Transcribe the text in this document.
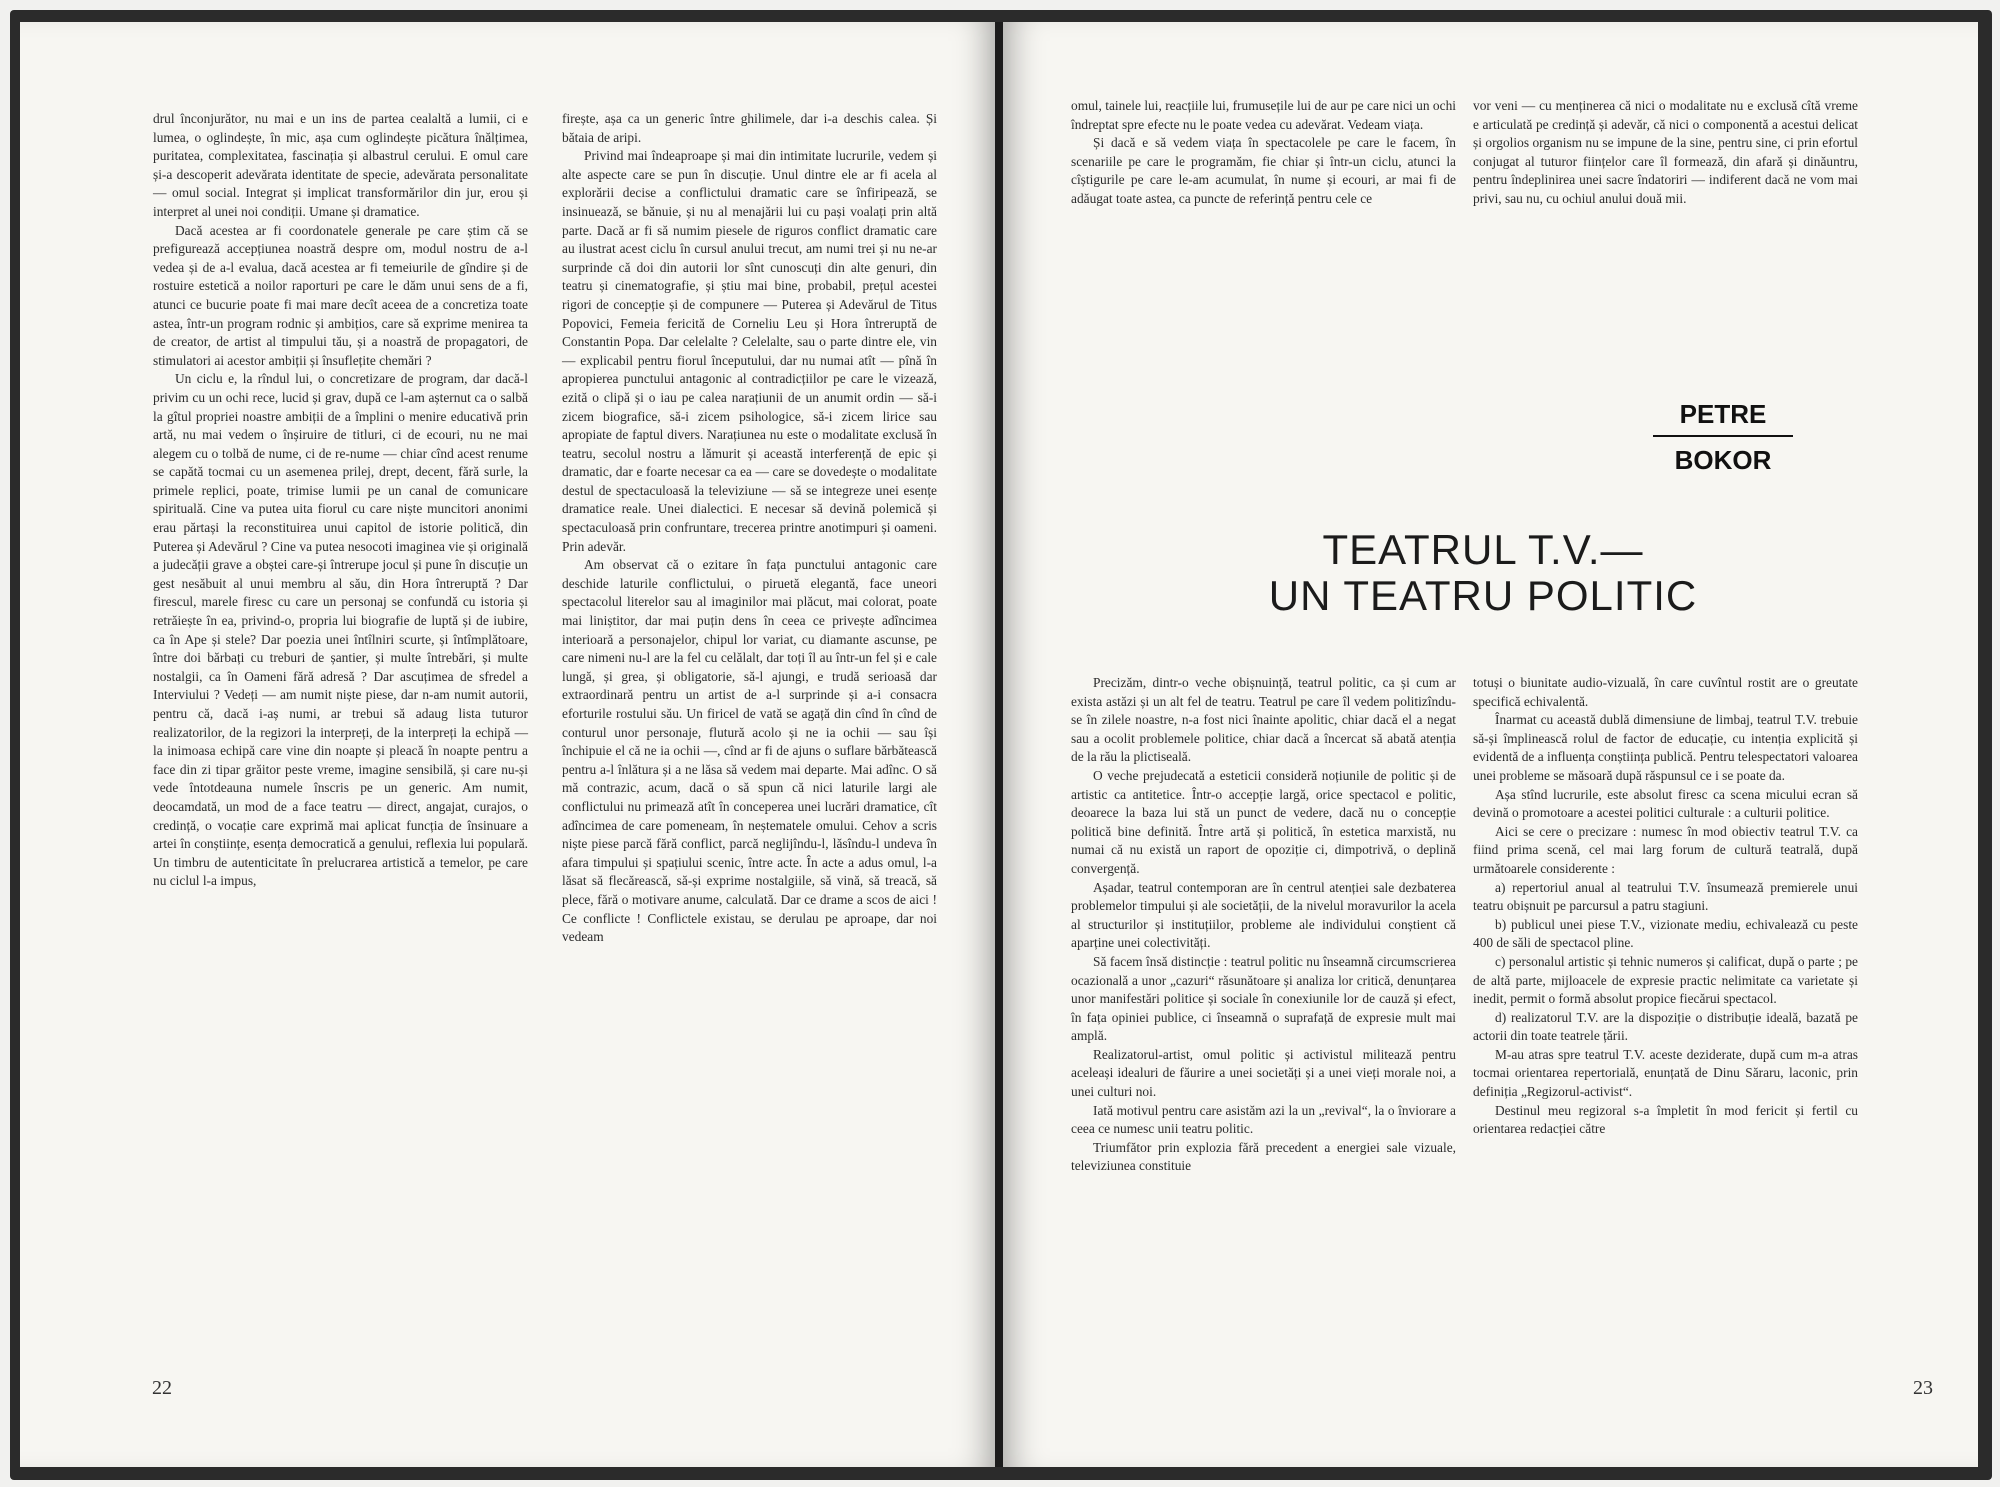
drul înconjurător, nu mai e un ins de partea cealaltă a lumii, ci e lumea, o oglindește, în mic, așa cum oglindește picătura înălțimea, puritatea, complexitatea, fascinația și albastrul cerului. E omul care și-a descoperit adevărata identitate de specie, adevărata personalitate — omul social. Integrat și implicat transformărilor din jur, erou și interpret al unei noi condiții. Umane și dramatice.

Dacă acestea ar fi coordonatele generale pe care știm că se prefigurează accepțiunea noastră despre om, modul nostru de a-l vedea și de a-l evalua, dacă acestea ar fi temeiurile de gîndire și de rostuire estetică a noilor raporturi pe care le dăm unui sens de a fi, atunci ce bucurie poate fi mai mare decît aceea de a concretiza toate astea, într-un program rodnic și ambițios, care să exprime menirea ta de creator, de artist al timpului tău, și a noastră de propagatori, de stimulatori ai acestor ambiții și însuflețite chemări ?

Un ciclu e, la rîndul lui, o concretizare de program, dar dacă-l privim cu un ochi rece, lucid și grav, după ce l-am așternut ca o salbă la gîtul propriei noastre ambiții de a împlini o menire educativă prin artă, nu mai vedem o înșiruire de titluri, ci de ecouri, nu ne mai alegem cu o tolbă de nume, ci de re-nume — chiar cînd acest renume se capătă tocmai cu un asemenea prilej, drept, decent, fără surle, la primele replici, poate, trimise lumii pe un canal de comunicare spirituală. Cine va putea uita fiorul cu care niște muncitori anonimi erau părtași la reconstituirea unui capitol de istorie politică, din Puterea și Adevărul ? Cine va putea nesocoti imaginea vie și originală a judecății grave a obștei care-și întrerupe jocul și pune în discuție un gest nesăbuit al unui membru al său, din Hora întreruptă ? Dar firescul, marele firesc cu care un personaj se confundă cu istoria și retrăiește în ea, privind-o, propria lui biografie de luptă și de iubire, ca în Ape și stele? Dar poezia unei întîlniri scurte, și întîmplătoare, între doi bărbați cu treburi de șantier, și multe întrebări, și multe nostalgii, ca în Oameni fără adresă ? Dar ascuțimea de sfredel a Interviului ? Vedeți — am numit niște piese, dar n-am numit autorii, pentru că, dacă i-aș numi, ar trebui să adaug lista tuturor realizatorilor, de la regizori la interpreți, de la interpreți la echipă — la inimoasa echipă care vine din noapte și pleacă în noapte pentru a face din zi tipar grăitor peste vreme, imagine sensibilă, și care nu-și vede întotdeauna numele înscris pe un generic. Am numit, deocamdată, un mod de a face teatru — direct, angajat, curajos, o credință, o vocație care exprimă mai aplicat funcția de însinuare a artei în conștiințe, esența democratică a genului, reflexia lui populară. Un timbru de autenticitate în prelucrarea artistică a temelor, pe care nu ciclul l-a impus,

firește, așa ca un generic între ghilimele, dar i-a deschis calea. Și bătaia de aripi.

Privind mai îndeaproape și mai din intimitate lucrurile, vedem și alte aspecte care se pun în discuție. Unul dintre ele ar fi acela al explorării decise a conflictului dramatic care se înfiripează, se insinuează, se bănuie, și nu al menajării lui cu pași voalați prin altă parte. Dacă ar fi să numim piesele de riguros conflict dramatic care au ilustrat acest ciclu în cursul anului trecut, am numi trei și nu ne-ar surprinde că doi din autorii lor sînt cunoscuți din alte genuri, din teatru și cinematografie, și știu mai bine, probabil, prețul acestei rigori de concepție și de compunere — Puterea și Adevărul de Titus Popovici, Femeia fericită de Corneliu Leu și Hora întreruptă de Constantin Popa. Dar celelalte ? Celelalte, sau o parte dintre ele, vin — explicabil pentru fiorul începutului, dar nu numai atît — pînă în apropierea punctului antagonic al contradicțiilor pe care le vizează, ezită o clipă și o iau pe calea narațiunii de un anumit ordin — să-i zicem biografice, să-i zicem psihologice, să-i zicem lirice sau apropiate de faptul divers. Narațiunea nu este o modalitate exclusă în teatru, secolul nostru a lămurit și această interferență de epic și dramatic, dar e foarte necesar ca ea — care se dovedește o modalitate destul de spectaculoasă la televiziune — să se integreze unei esențe dramatice reale. Unei dialectici. E necesar să devină polemică și spectaculoasă prin confruntare, trecerea printre anotimpuri și oameni. Prin adevăr.

Am observat că o ezitare în fața punctului antagonic care deschide laturile conflictului, o piruetă elegantă, face uneori spectacolul literelor sau al imaginilor mai plăcut, mai colorat, poate mai liniștitor, dar mai puțin dens în ceea ce privește adîncimea interioară a personajelor, chipul lor variat, cu diamante ascunse, pe care nimeni nu-l are la fel cu celălalt, dar toți îl au într-un fel și e cale lungă, și grea, și obligatorie, să-l ajungi, e trudă serioasă dar extraordinară pentru un artist de a-l surprinde și a-i consacra eforturile rostului său. Un firicel de vată se agață din cînd în cînd de conturul unor personaje, flutură acolo și ne ia ochii — sau își închipuie el că ne ia ochii —, cînd ar fi de ajuns o suflare bărbătească pentru a-l înlătura și a ne lăsa să vedem mai departe. Mai adînc. O să mă contrazic, acum, dacă o să spun că nici laturile largi ale conflictului nu primează atît în conceperea unei lucrări dramatice, cît adîncimea de care pomeneam, în neștematele omului. Cehov a scris niște piese parcă fără conflict, parcă neglijîndu-l, lăsîndu-l undeva în afara timpului și spațiului scenic, între acte. În acte a adus omul, l-a lăsat să flecărească, să-și exprime nostalgiile, să vină, să treacă, să plece, fără o motivare anume, calculată. Dar ce drame a scos de aici ! Ce conflicte ! Conflictele existau, se derulau pe aproape, dar noi vedeam

22

omul, tainele lui, reacțiile lui, frumusețile lui de aur pe care nici un ochi îndreptat spre efecte nu le poate vedea cu adevărat. Vedeam viața.

Și dacă e să vedem viața în spectacolele pe care le facem, în scenariile pe care le programăm, fie chiar și într-un ciclu, atunci la cîștigurile pe care le-am acumulat, în nume și ecouri, ar mai fi de adăugat toate astea, ca puncte de referință pentru cele ce

vor veni — cu menținerea că nici o modalitate nu e exclusă cîtă vreme e articulată pe credință și adevăr, că nici o componentă a acestui delicat și orgolios organism nu se impune de la sine, pentru sine, ci prin efortul conjugat al tuturor ființelor care îl formează, din afară și dinăuntru, pentru îndeplinirea unei sacre îndatoriri — indiferent dacă ne vom mai privi, sau nu, cu ochiul anului două mii.

PETRE
BOKOR
TEATRUL T.V.—
UN TEATRU POLITIC

Precizăm, dintr-o veche obișnuință, teatrul politic, ca și cum ar exista astăzi și un alt fel de teatru. Teatrul pe care îl vedem politizîndu-se în zilele noastre, n-a fost nici înainte apolitic, chiar dacă el a negat sau a ocolit problemele politice, chiar dacă a încercat să abată atenția de la rău la plictiseală.

O veche prejudecată a esteticii consideră noțiunile de politic și de artistic ca antitetice. Într-o accepție largă, orice spectacol e politic, deoarece la baza lui stă un punct de vedere, dacă nu o concepție politică bine definită. Între artă și politică, în estetica marxistă, nu numai că nu există un raport de opoziție ci, dimpotrivă, o deplină convergență.

Așadar, teatrul contemporan are în centrul atenției sale dezbaterea problemelor timpului și ale societății, de la nivelul moravurilor la acela al structurilor și instituțiilor, probleme ale individului conștient că aparține unei colectivități.

Să facem însă distincție : teatrul politic nu înseamnă circumscrierea ocazională a unor „cazuri“ răsunătoare și analiza lor critică, denunțarea unor manifestări politice și sociale în conexiunile lor de cauză și efect, în fața opiniei publice, ci înseamnă o suprafață de expresie mult mai amplă.

Realizatorul-artist, omul politic și activistul militează pentru aceleași idealuri de făurire a unei societăți și a unei vieți morale noi, a unei culturi noi.

Iată motivul pentru care asistăm azi la un „revival“, la o înviorare a ceea ce numesc unii teatru politic.

Triumfător prin explozia fără precedent a energiei sale vizuale, televiziunea constituie

totuși o biunitate audio-vizuală, în care cuvîntul rostit are o greutate specifică echivalentă.

Înarmat cu această dublă dimensiune de limbaj, teatrul T.V. trebuie să-și împlinească rolul de factor de educație, cu intenția explicită și evidentă de a influența conștiința publică. Pentru telespectatori valoarea unei probleme se măsoară după răspunsul ce i se poate da.

Așa stînd lucrurile, este absolut firesc ca scena micului ecran să devină o promotoare a acestei politici culturale : a culturii politice.

Aici se cere o precizare : numesc în mod obiectiv teatrul T.V. ca fiind prima scenă, cel mai larg forum de cultură teatrală, după următoarele considerente :

a) repertoriul anual al teatrului T.V. însumează premierele unui teatru obișnuit pe parcursul a patru stagiuni.

b) publicul unei piese T.V., vizionate mediu, echivalează cu peste 400 de săli de spectacol pline.

c) personalul artistic și tehnic numeros și calificat, după o parte ; pe de altă parte, mijloacele de expresie practic nelimitate ca varietate și inedit, permit o formă absolut propice fiecărui spectacol.

d) realizatorul T.V. are la dispoziție o distribuție ideală, bazată pe actorii din toate teatrele țării.

M-au atras spre teatrul T.V. aceste deziderate, după cum m-a atras tocmai orientarea repertorială, enunțată de Dinu Săraru, laconic, prin definiția „Regizorul-activist“.

Destinul meu regizoral s-a împletit în mod fericit și fertil cu orientarea redacției către

23
